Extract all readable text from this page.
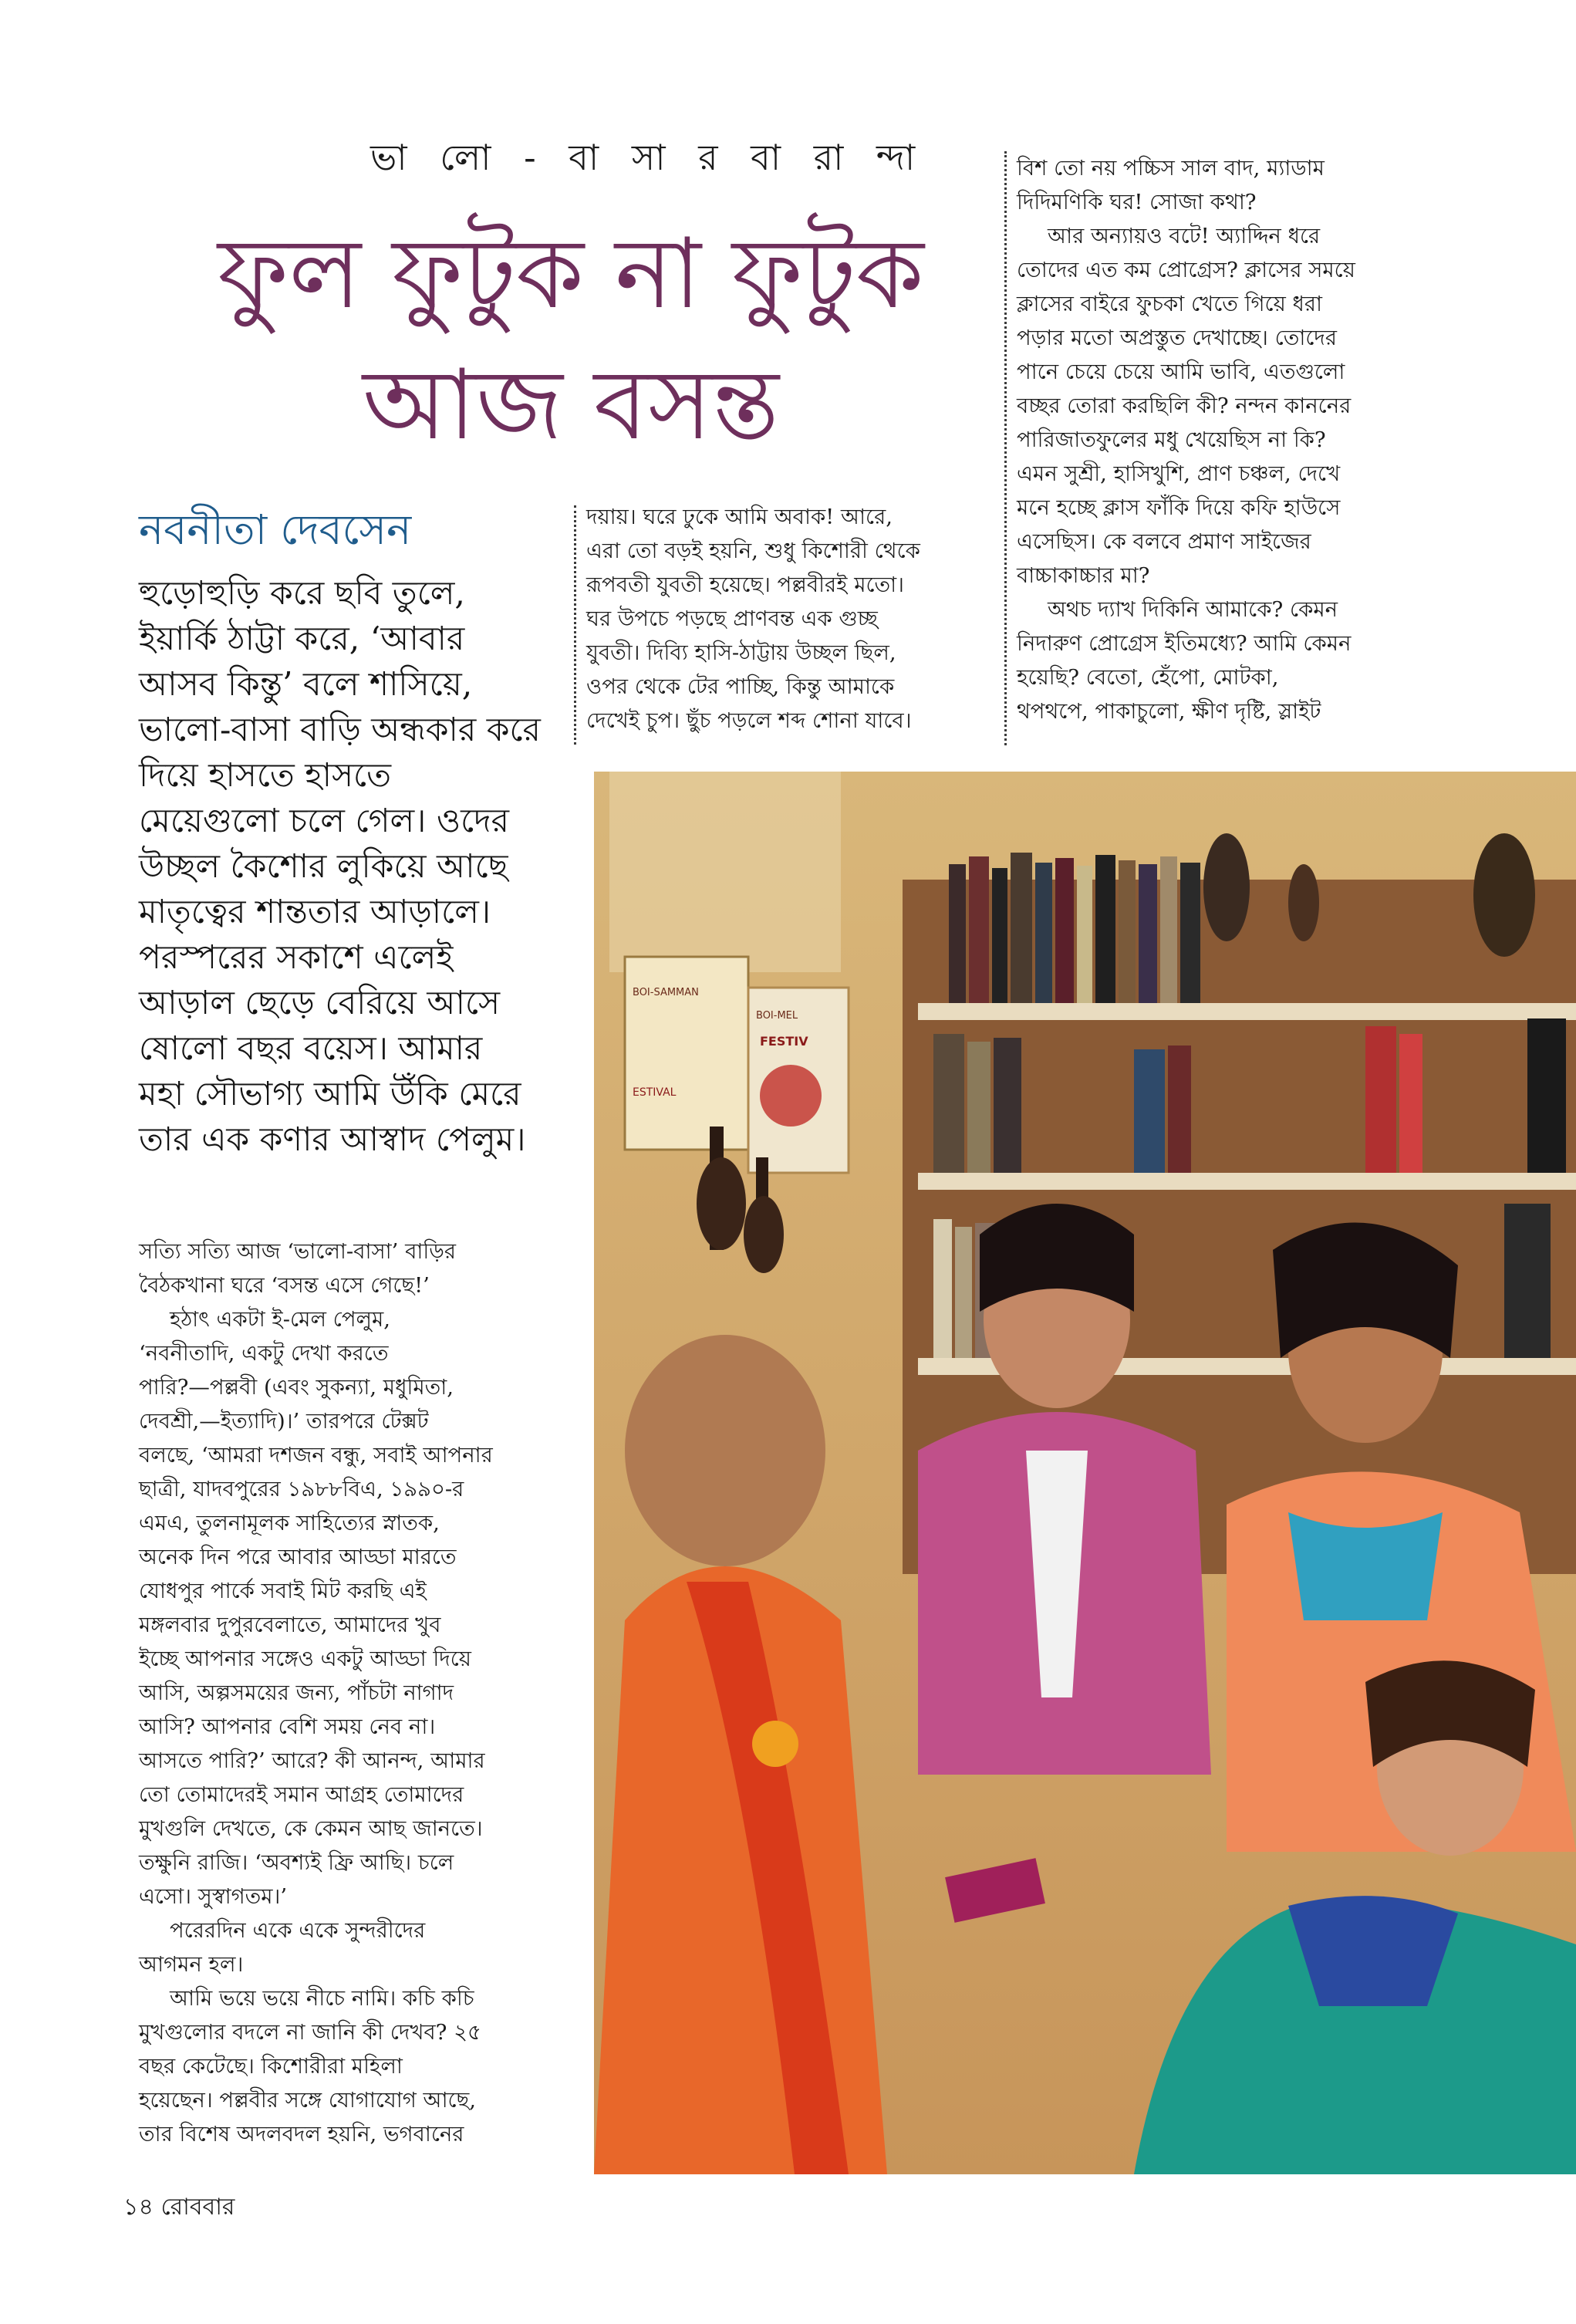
ভা লো - বা সা র বা রা ন্দা
ফুল ফুটুক না ফুটুক
আজ বসন্ত
নবনীতা দেবসেন
হুড়োহুড়ি করে ছবি তুলে,
ইয়ার্কি ঠাট্টা করে, ‘আবার
আসব কিন্তু’ বলে শাসিয়ে,
ভালো-বাসা বাড়ি অন্ধকার করে
দিয়ে হাসতে হাসতে
মেয়েগুলো চলে গেল। ওদের
উচ্ছল কৈশোর লুকিয়ে আছে
মাতৃত্বের শান্ততার আড়ালে।
পরস্পরের সকাশে এলেই
আড়াল ছেড়ে বেরিয়ে আসে
ষোলো বছর বয়েস। আমার
মহা সৌভাগ্য আমি উঁকি মেরে
তার এক কণার আস্বাদ পেলুম।
সত্যি সত্যি আজ ‘ভালো-বাসা’ বাড়ির
বৈঠকখানা ঘরে ‘বসন্ত এসে গেছে!’
হঠাৎ একটা ই-মেল পেলুম,
‘নবনীতাদি, একটু দেখা করতে
পারি?—পল্লবী (এবং সুকন্যা, মধুমিতা,
দেবশ্রী,—ইত্যাদি)।’ তারপরে টেক্সট
বলছে, ‘আমরা দশজন বন্ধু, সবাই আপনার
ছাত্রী, যাদবপুরের ১৯৮৮বিএ, ১৯৯০-র
এমএ, তুলনামূলক সাহিত্যের স্নাতক,
অনেক দিন পরে আবার আড্ডা মারতে
যোধপুর পার্কে সবাই মিট করছি এই
মঙ্গলবার দুপুরবেলাতে, আমাদের খুব
ইচ্ছে আপনার সঙ্গেও একটু আড্ডা দিয়ে
আসি, অল্পসময়ের জন্য, পাঁচটা নাগাদ
আসি? আপনার বেশি সময় নেব না।
আসতে পারি?’ আরে? কী আনন্দ, আমার
তো তোমাদেরই সমান আগ্রহ তোমাদের
মুখগুলি দেখতে, কে কেমন আছ জানতে।
তক্ষুনি রাজি। ‘অবশ্যই ফ্রি আছি। চলে
এসো। সুস্বাগতম।’
পরেরদিন একে একে সুন্দরীদের
আগমন হল।
আমি ভয়ে ভয়ে নীচে নামি। কচি কচি
মুখগুলোর বদলে না জানি কী দেখব? ২৫
বছর কেটেছে। কিশোরীরা মহিলা
হয়েছেন। পল্লবীর সঙ্গে যোগাযোগ আছে,
তার বিশেষ অদলবদল হয়নি, ভগবানের
দয়ায়। ঘরে ঢুকে আমি অবাক! আরে,
এরা তো বড়ই হয়নি, শুধু কিশোরী থেকে
রূপবতী যুবতী হয়েছে। পল্লবীরই মতো।
ঘর উপচে পড়ছে প্রাণবন্ত এক গুচ্ছ
যুবতী। দিব্যি হাসি-ঠাট্টায় উচ্ছল ছিল,
ওপর থেকে টের পাচ্ছি, কিন্তু আমাকে
দেখেই চুপ। ছুঁচ পড়লে শব্দ শোনা যাবে।
বিশ তো নয় পচ্চিস সাল বাদ, ম্যাডাম
দিদিমণিকি ঘর! সোজা কথা?
আর অন্যায়ও বটে! অ্যাদ্দিন ধরে
তোদের এত কম প্রোগ্রেস? ক্লাসের সময়ে
ক্লাসের বাইরে ফুচকা খেতে গিয়ে ধরা
পড়ার মতো অপ্রস্তুত দেখাচ্ছে। তোদের
পানে চেয়ে চেয়ে আমি ভাবি, এতগুলো
বচ্ছর তোরা করছিলি কী? নন্দন কাননের
পারিজাতফুলের মধু খেয়েছিস না কি?
এমন সুশ্রী, হাসিখুশি, প্রাণ চঞ্চল, দেখে
মনে হচ্ছে ক্লাস ফাঁকি দিয়ে কফি হাউসে
এসেছিস। কে বলবে প্রমাণ সাইজের
বাচ্চাকাচ্চার মা?
অথচ দ্যাখ দিকিনি আমাকে? কেমন
নিদারুণ প্রোগ্রেস ইতিমধ্যে? আমি কেমন
হয়েছি? বেতো, হেঁপো, মোটকা,
থপথপে, পাকাচুলো, ক্ষীণ দৃষ্টি, স্লাইট
BOI-SAMMAN
BOI-MEL
FESTIV
ESTIVAL
১৪ রোববার
